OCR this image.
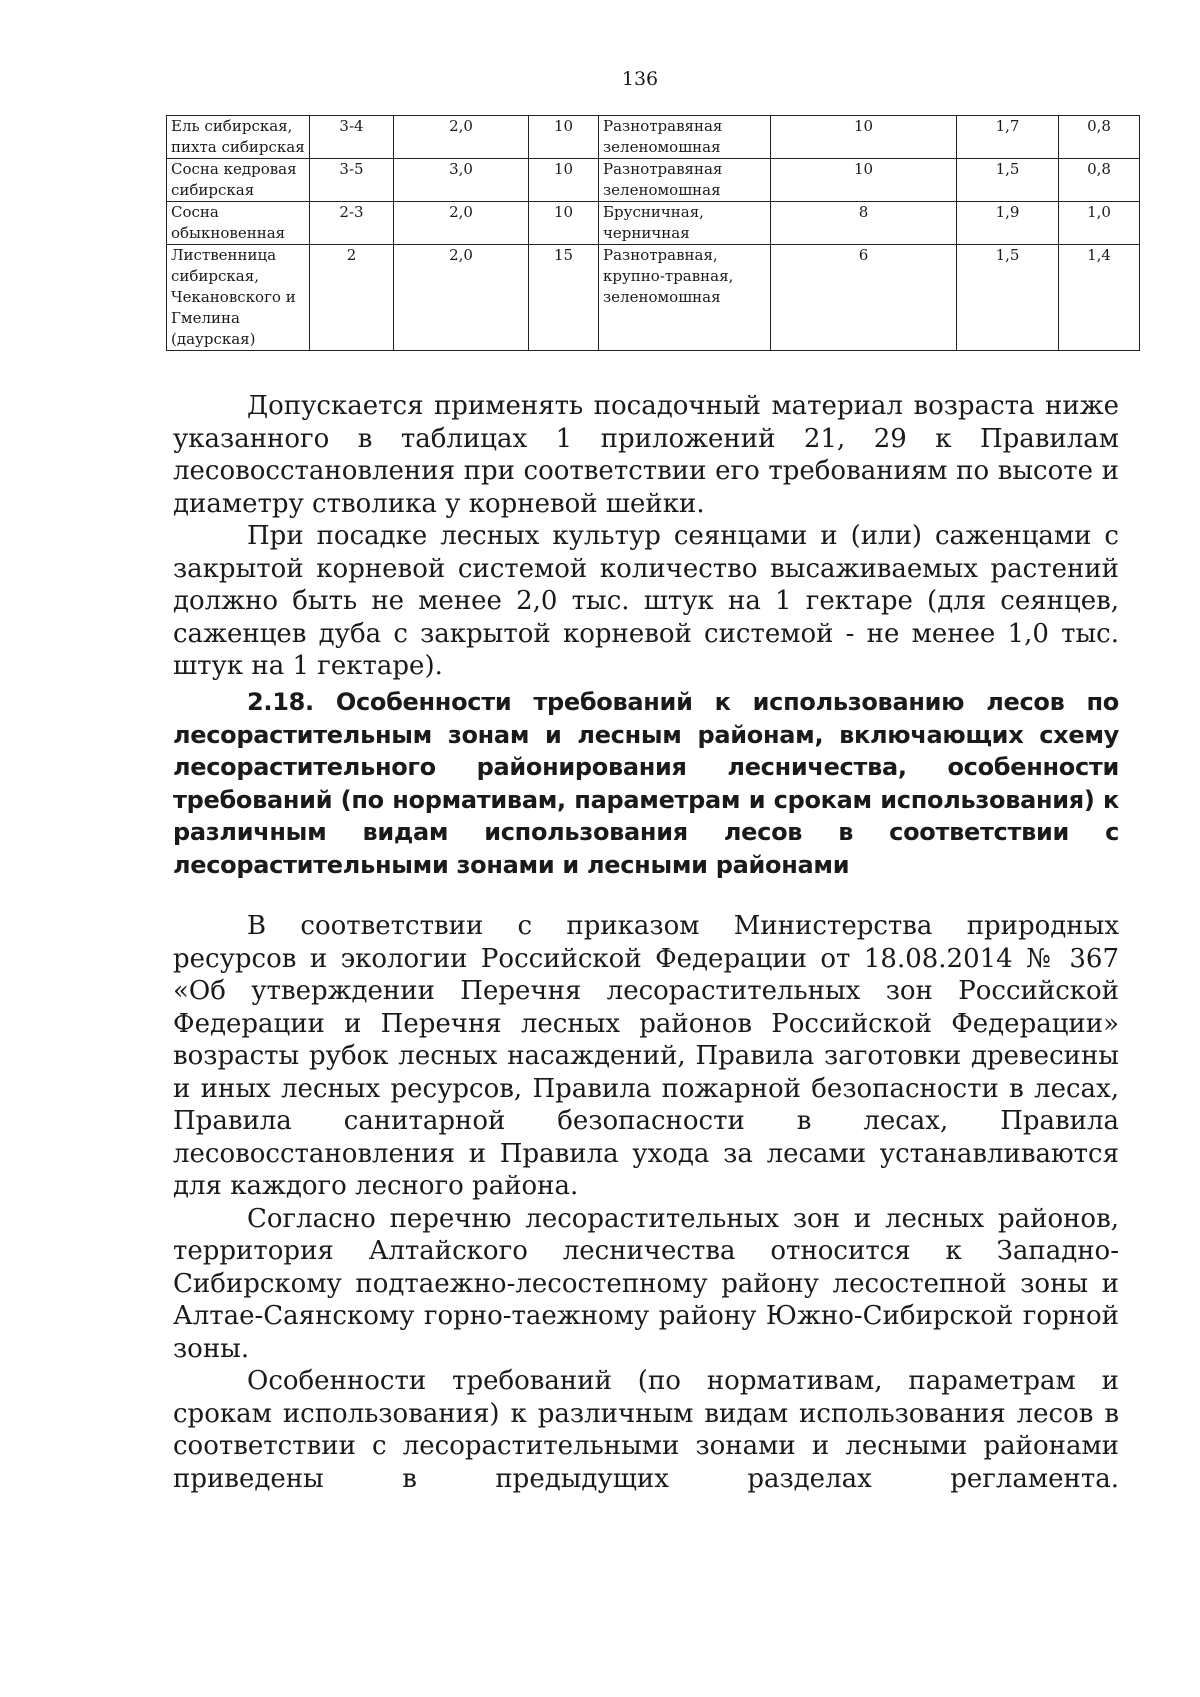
136
Ель сибирская, пихта сибирская	3-4	2,0	10	Разнотравяная зеленомошная	10	1,7	0,8
Сосна кедровая сибирская	3-5	3,0	10	Разнотравяная зеленомошная	10	1,5	0,8
Сосна обыкновенная	2-3	2,0	10	Брусничная, черничная	8	1,9	1,0
Лиственница сибирская, Чекановского и Гмелина (даурская)	2	2,0	15	Разнотравная, крупно-травная, зеленомошная	6	1,5	1,4

Допускается применять посадочный материал возраста ниже указанного в таблицах 1 приложений 21, 29 к Правилам лесовосстановления при соответствии его требованиям по высоте и диаметру стволика у корневой шейки.

При посадке лесных культур сеянцами и (или) саженцами с закрытой корневой системой количество высаживаемых растений должно быть не менее 2,0 тыс. штук на 1 гектаре (для сеянцев, саженцев дуба с закрытой корневой системой - не менее 1,0 тыс. штук на 1 гектаре).

2.18. Особенности требований к использованию лесов по лесорастительным зонам и лесным районам, включающих схему лесорастительного районирования лесничества, особенности требований (по нормативам, параметрам и срокам использования) к различным видам использования лесов в соответствии с лесорастительными зонами и лесными районами

В соответствии с приказом Министерства природных ресурсов и экологии Российской Федерации от 18.08.2014 № 367 «Об утверждении Перечня лесорастительных зон Российской Федерации и Перечня лесных районов Российской Федерации» возрасты рубок лесных насаждений, Правила заготовки древесины и иных лесных ресурсов, Правила пожарной безопасности в лесах, Правила санитарной безопасности в лесах, Правила лесовосстановления и Правила ухода за лесами устанавливаются для каждого лесного района.

Согласно перечню лесорастительных зон и лесных районов, территория Алтайского лесничества относится к Западно-Сибирскому подтаежно-лесостепному району лесостепной зоны и Алтае-Саянскому горно-таежному району Южно-Сибирской горной зоны.

Особенности требований (по нормативам, параметрам и срокам использования) к различным видам использования лесов в соответствии с лесорастительными зонами и лесными районами приведены в предыдущих разделах регламента.
